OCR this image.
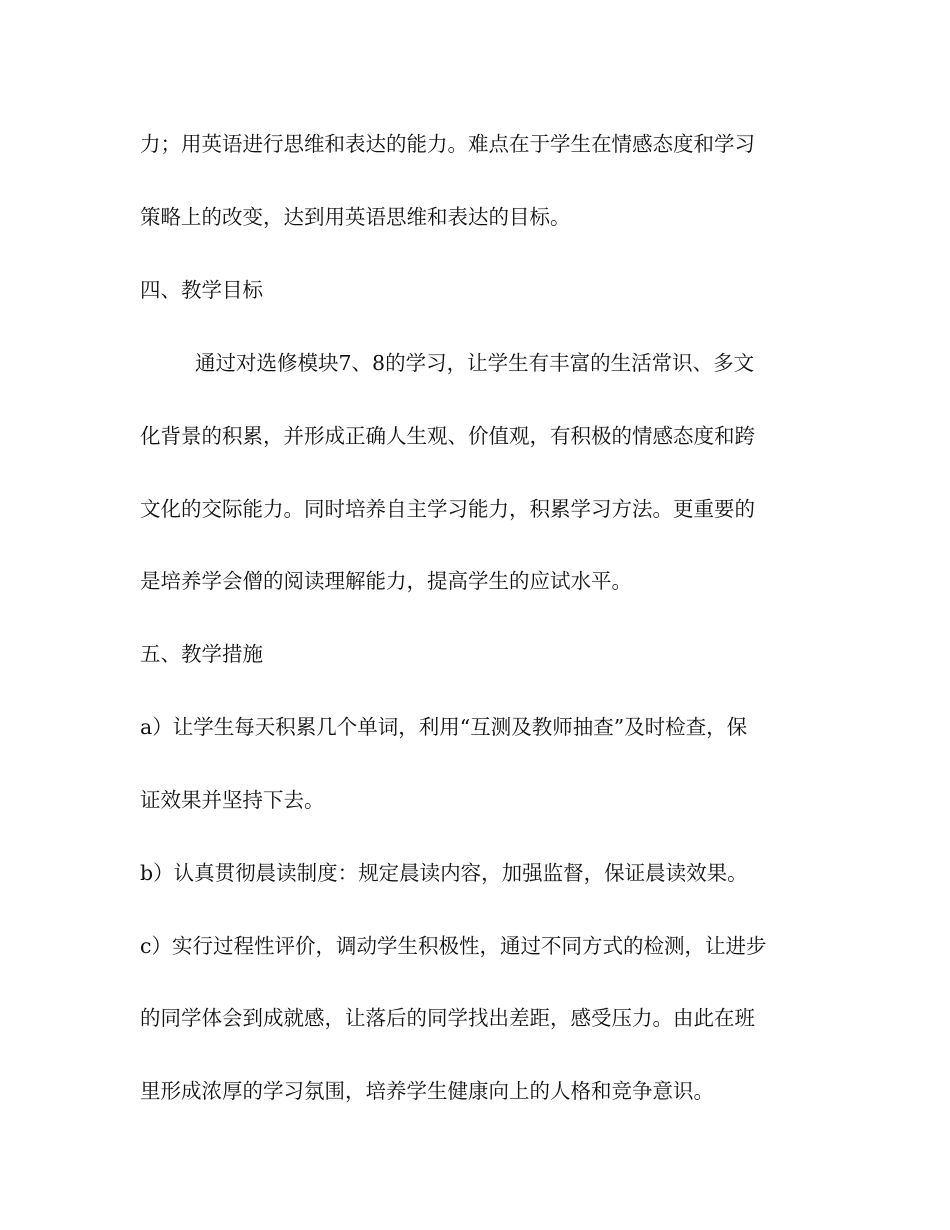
力；用英语进行思维和表达的能力。难点在于学生在情感态度和学习
策略上的改变，达到用英语思维和表达的目标。
四、教学目标
通过对选修模块7、8的学习，让学生有丰富的生活常识、多文
化背景的积累，并形成正确人生观、价值观，有积极的情感态度和跨
文化的交际能力。同时培养自主学习能力，积累学习方法。更重要的
是培养学会僧的阅读理解能力，提高学生的应试水平。
五、教学措施
a）让学生每天积累几个单词，利用“互测及教师抽查”及时检查，保
证效果并坚持下去。
b）认真贯彻晨读制度：规定晨读内容，加强监督，保证晨读效果。
c）实行过程性评价，调动学生积极性，通过不同方式的检测，让进步
的同学体会到成就感，让落后的同学找出差距，感受压力。由此在班
里形成浓厚的学习氛围，培养学生健康向上的人格和竞争意识。
